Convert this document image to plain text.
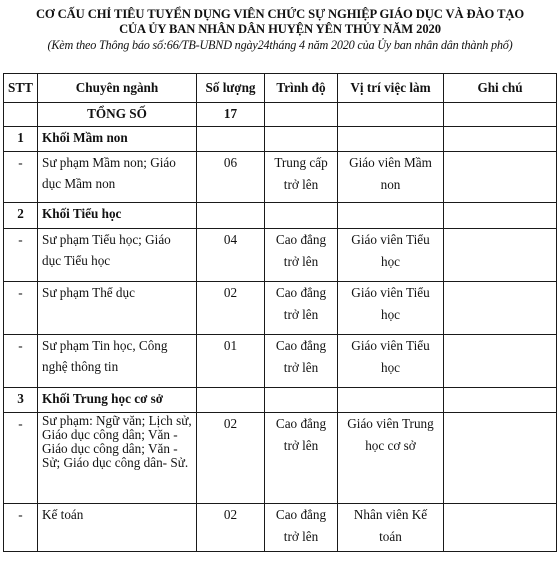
CƠ CẤU CHỈ TIÊU TUYỂN DỤNG VIÊN CHỨC SỰ NGHIỆP GIÁO DỤC VÀ ĐÀO TẠO
CỦA ỦY BAN NHÂN DÂN HUYỆN YÊN THỦY NĂM 2020
(Kèm theo Thông báo số:66/TB-UBND ngày24tháng 4 năm 2020 của Ủy ban nhân dân thành phố)
STT	Chuyên ngành	Số lượng	Trình độ	Vị trí việc làm	Ghi chú
	TỔNG SỐ	17			
1	Khối Mầm non				
-	Sư phạm Mầm non; Giáo dục Mầm non	06	Trung cấp trở lên	Giáo viên Mầm non	
2	Khối Tiểu học				
-	Sư phạm Tiểu học; Giáo dục Tiểu học	04	Cao đẳng trở lên	Giáo viên Tiểu học	
-	Sư phạm Thể dục	02	Cao đẳng trở lên	Giáo viên Tiểu học	
-	Sư phạm Tin học, Công nghệ thông tin	01	Cao đẳng trở lên	Giáo viên Tiểu học	
3	Khối Trung học cơ sở				
-	Sư phạm: Ngữ văn; Lịch sử, Giáo dục công dân; Văn - Giáo dục công dân; Văn - Sử; Giáo dục công dân- Sử.	02	Cao đẳng trở lên	Giáo viên Trung học cơ sở	
-	Kế toán	02	Cao đẳng trở lên	Nhân viên Kế toán	
